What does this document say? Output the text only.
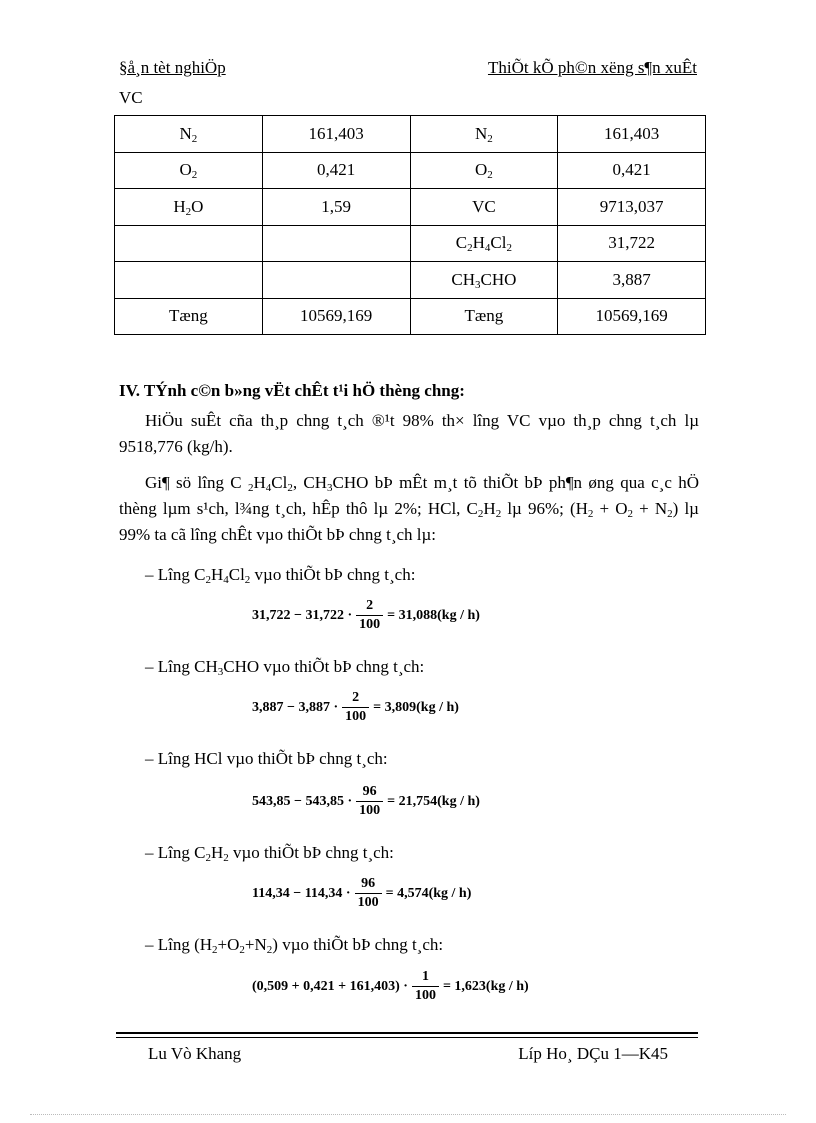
§å¸n tèt nghiÖp	ThiÕt kÕ ph©n xëng s¶n xuÊt
VC
$N_2$	161,403	$N_2$	161,403
$O_2$	0,421	$O_2$	0,421
$H_2O$	1,59	VC	9713,037
		$C_2H_4Cl_2$	31,722
		$CH_3CHO$	3,887
Tæng	10569,169	Tæng	10569,169
IV. TÝnh c©n b»ng vËt chÊt t¹i hÖ thèng chng:
HiÖu suÊt cña th¸p chng t¸ch ®¹t 98% th× lîng VC vµo th¸p chng t¸ch lµ 9518,776 (kg/h).
Gi¶ sö lîng C $_2H_4Cl_2$, $CH_3CHO$ bÞ mÊt m¸t tõ thiÕt bÞ ph¶n øng qua c¸c hÖ thèng lµm s¹ch, l¾ng t¸ch, hÊp thô lµ 2%; HCl, $C_2H_2$ lµ 96%; $(H_2 + O_2 + N_2)$ lµ 99% ta cã lîng chÊt vµo thiÕt bÞ chng t¸ch lµ:
– Lîng $C_2H_4Cl_2$ vµo thiÕt bÞ chng t¸ch:
$31,722 - 31,722 \cdot \frac{2}{100} = 31,088(kg / h)$
– Lîng $CH_3CHO$ vµo thiÕt bÞ chng t¸ch:
$3,887 - 3,887 \cdot \frac{2}{100} = 3,809(kg / h)$
– Lîng HCl vµo thiÕt bÞ chng t¸ch:
$543,85 - 543,85 \cdot \frac{96}{100} = 21,754(kg / h)$
– Lîng $C_2H_2$ vµo thiÕt bÞ chng t¸ch:
$114,34 - 114,34 \cdot \frac{96}{100} = 4,574(kg / h)$
– Lîng $(H_2+O_2+N_2)$ vµo thiÕt bÞ chng t¸ch:
$(0,509 + 0,421 + 161,403) \cdot \frac{1}{100} = 1,623(kg / h)$
Lu Vò Khang	Líp Ho¸ DÇu 1—K45
